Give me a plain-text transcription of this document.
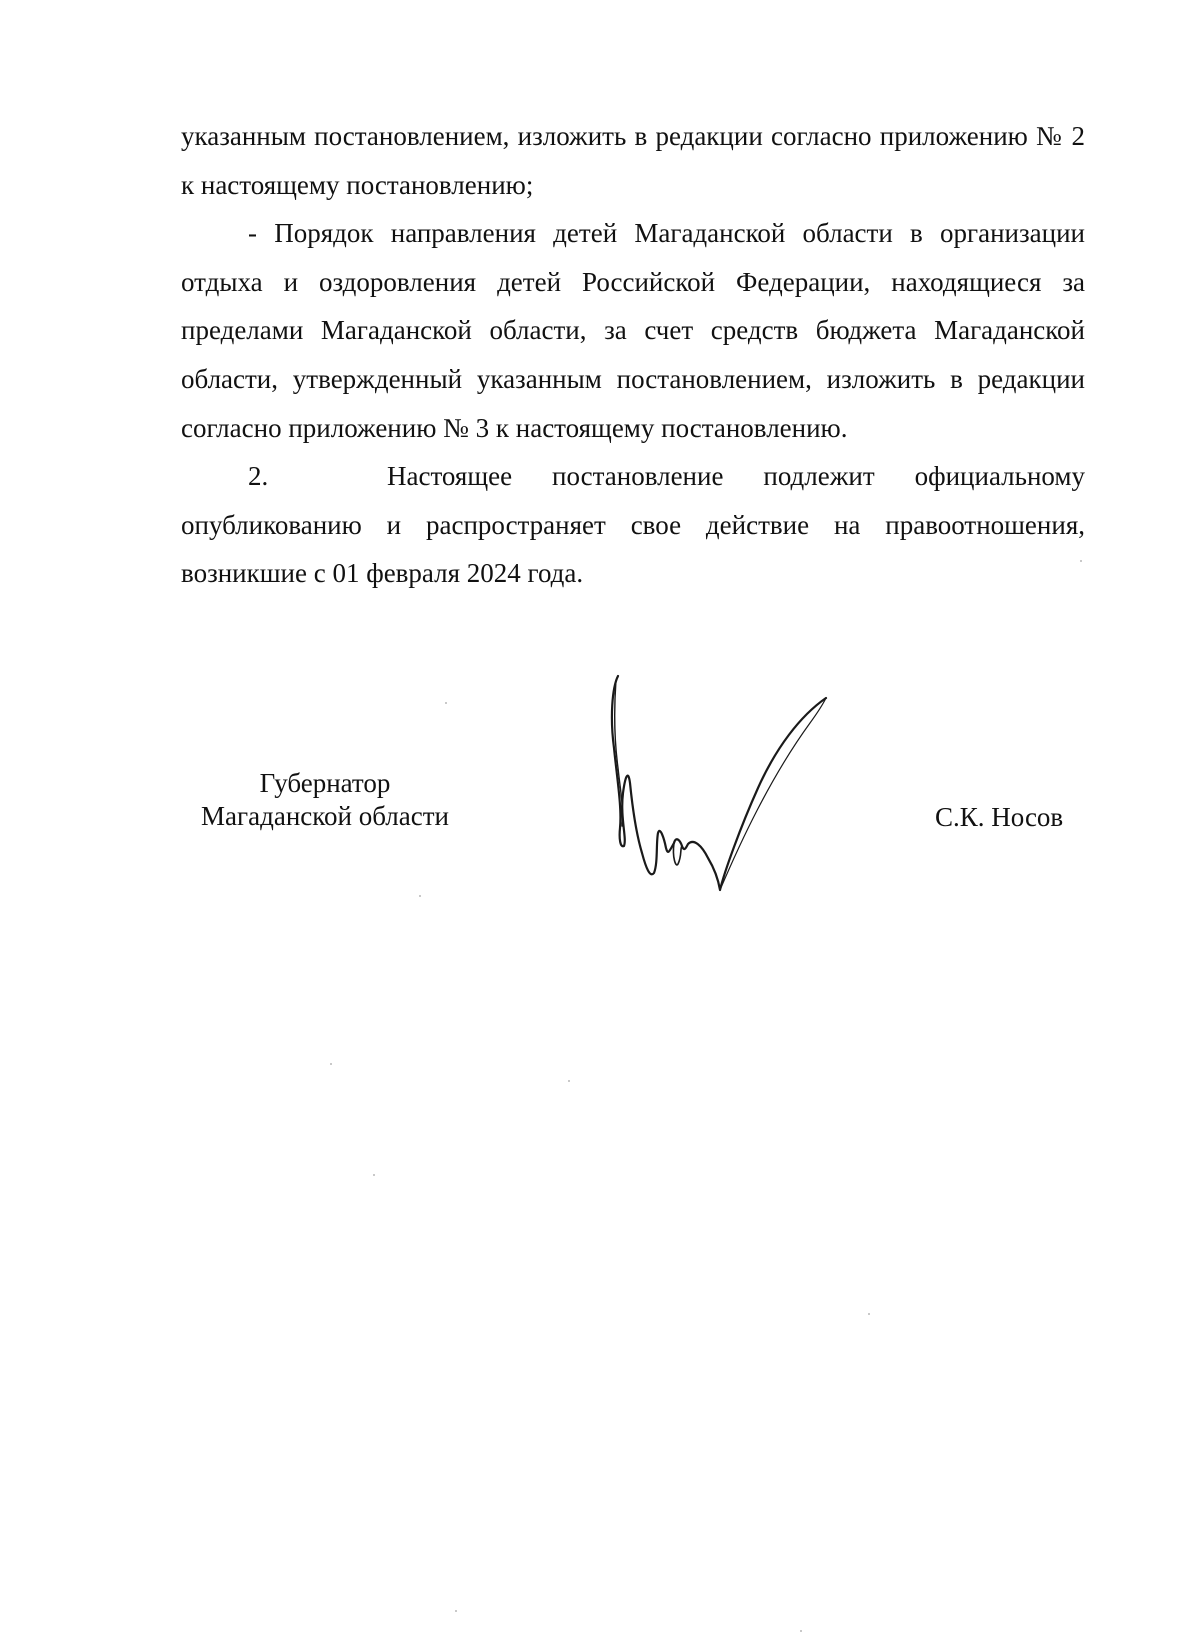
указанным постановлением, изложить в редакции согласно приложению № 2 к настоящему постановлению;

- Порядок направления детей Магаданской области в организации отдыха и оздоровления детей Российской Федерации, находящиеся за пределами Магаданской области, за счет средств бюджета Магаданской области, утвержденный указанным постановлением, изложить в редакции согласно приложению № 3 к настоящему постановлению.

2.	Настоящее постановление подлежит официальному

опубликованию и распространяет свое действие на правоотношения, возникшие с 01 февраля 2024 года.

Губернатор
Магаданской области	С.К. Носов
